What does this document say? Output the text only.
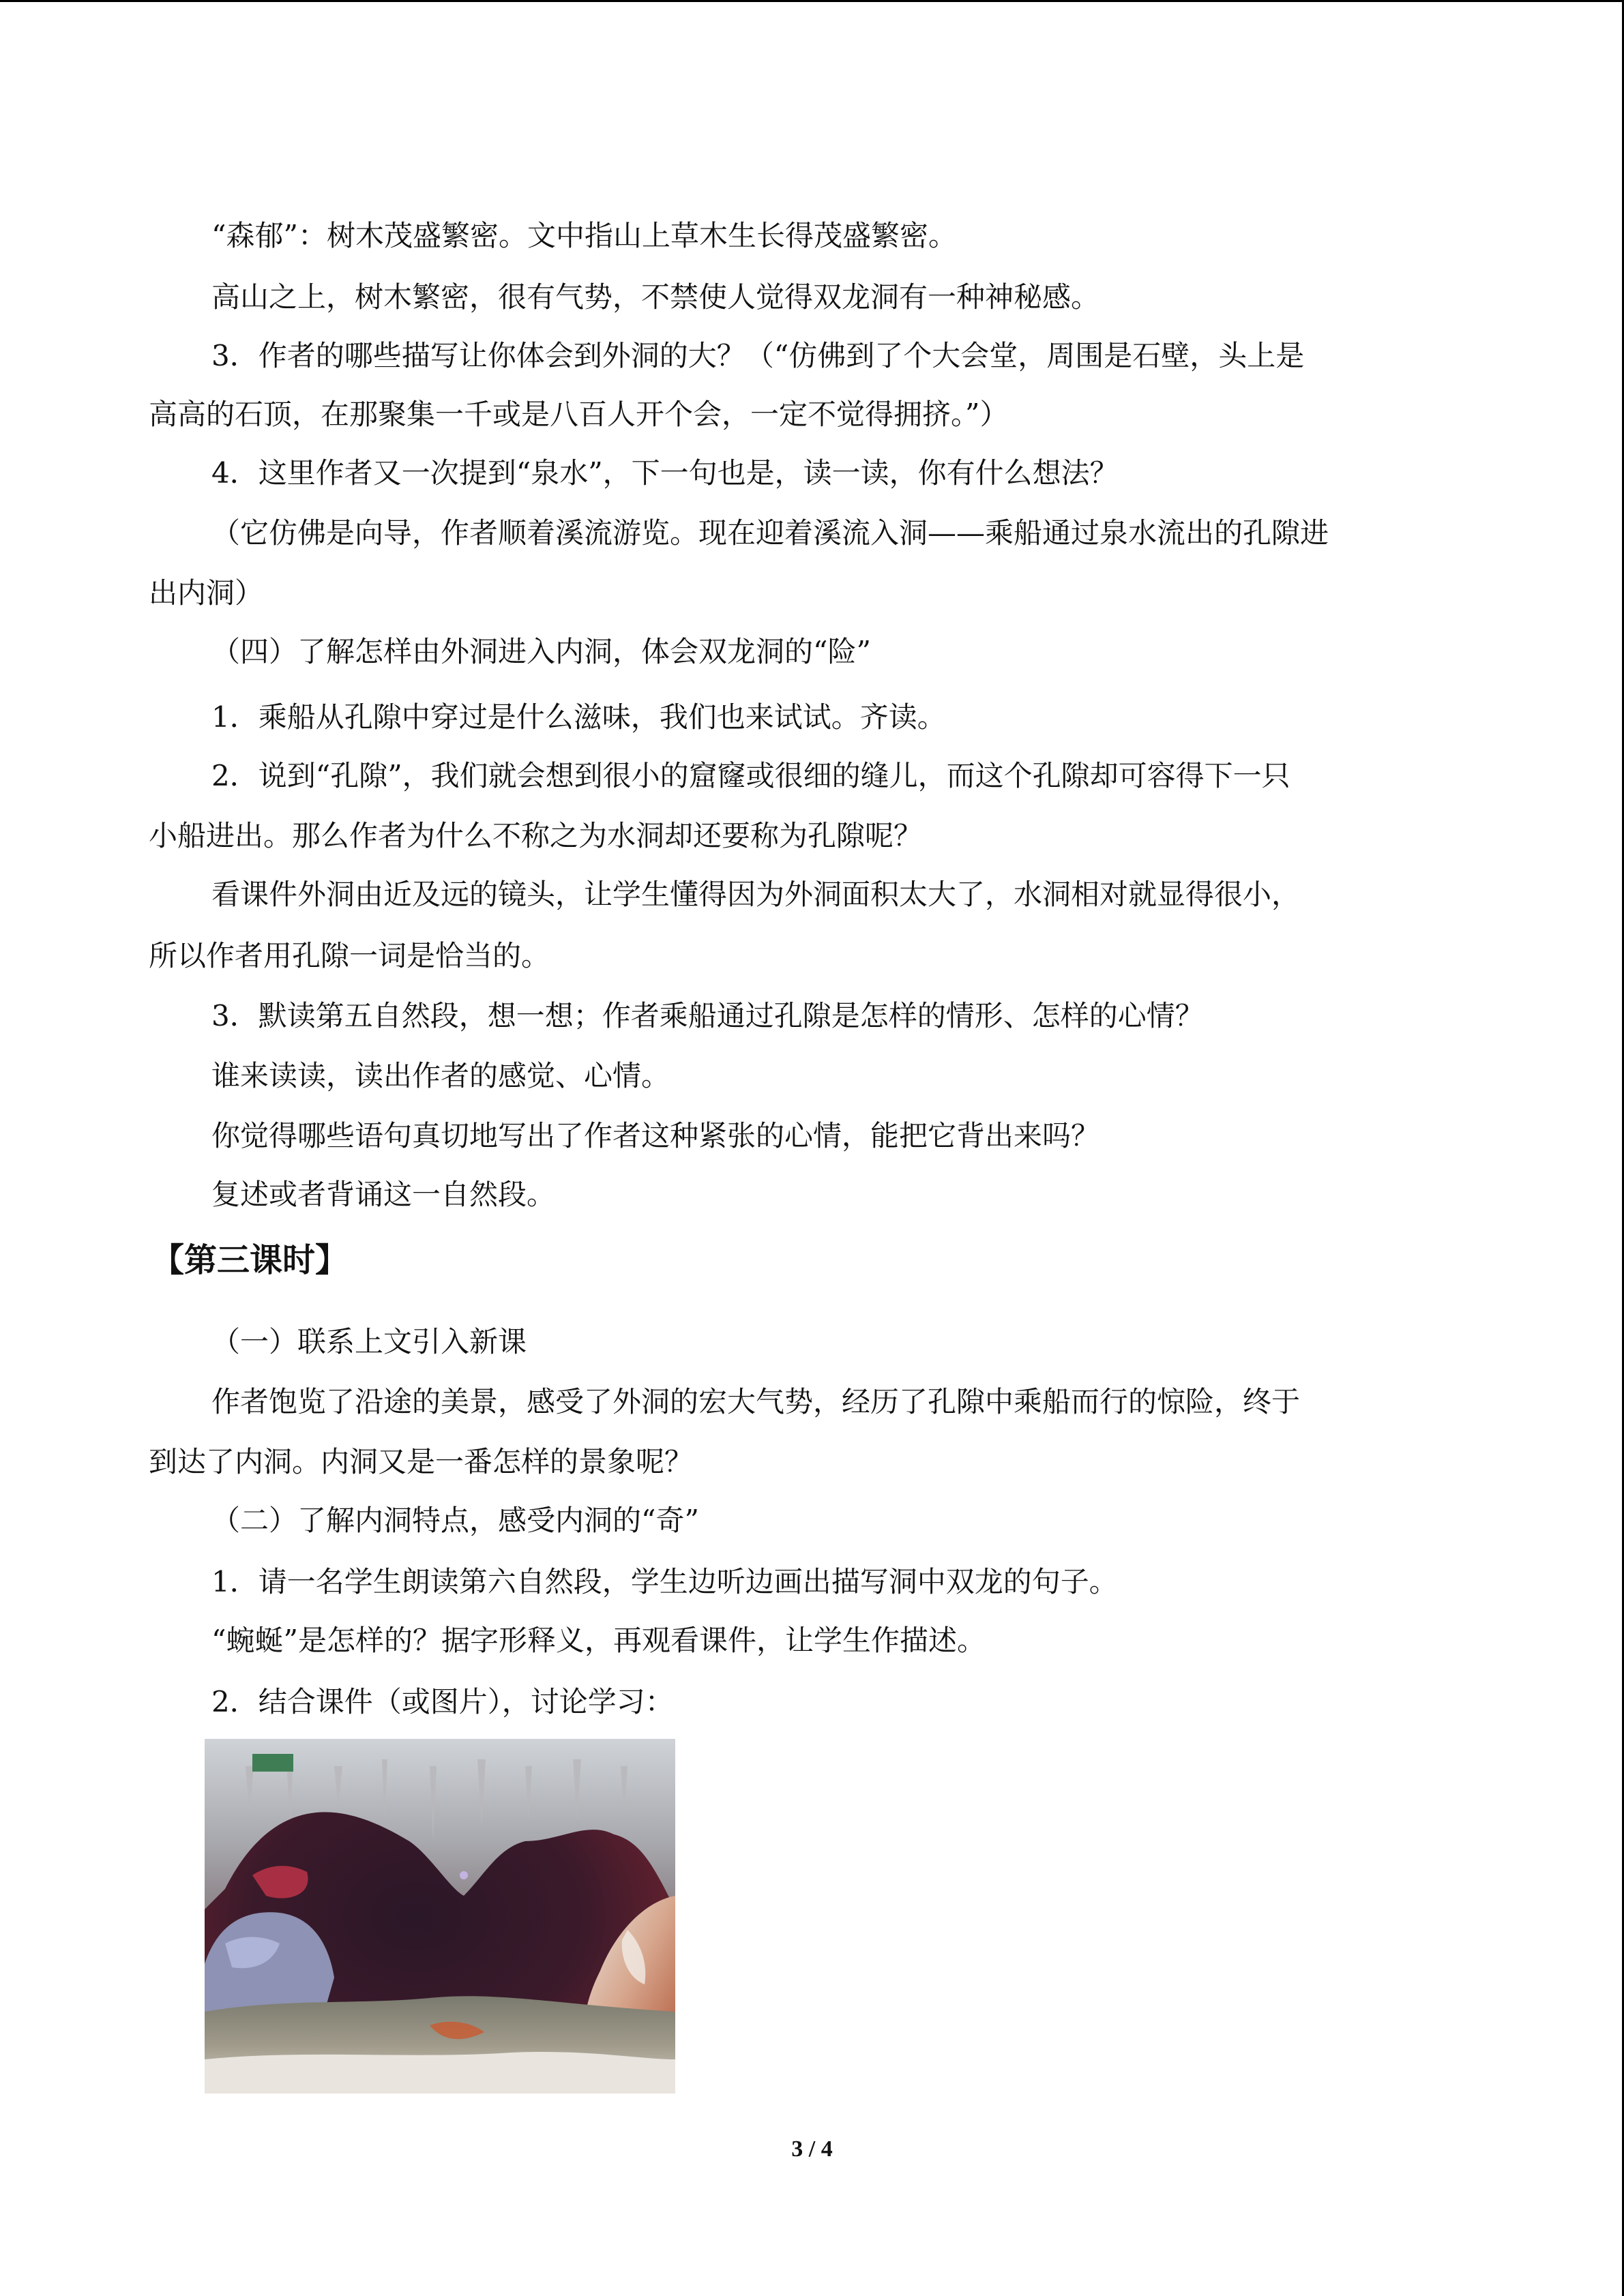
“森郁”：树木茂盛繁密。文中指山上草木生长得茂盛繁密。
高山之上，树木繁密，很有气势，不禁使人觉得双龙洞有一种神秘感。
3．作者的哪些描写让你体会到外洞的大？（“仿佛到了个大会堂，周围是石壁，头上是
高高的石顶，在那聚集一千或是八百人开个会，一定不觉得拥挤。”）
4．这里作者又一次提到“泉水”，下一句也是，读一读，你有什么想法？
（它仿佛是向导，作者顺着溪流游览。现在迎着溪流入洞——乘船通过泉水流出的孔隙进
出内洞）
（四）了解怎样由外洞进入内洞，体会双龙洞的“险”
1．乘船从孔隙中穿过是什么滋味，我们也来试试。齐读。
2．说到“孔隙”，我们就会想到很小的窟窿或很细的缝儿，而这个孔隙却可容得下一只
小船进出。那么作者为什么不称之为水洞却还要称为孔隙呢？
看课件外洞由近及远的镜头，让学生懂得因为外洞面积太大了，水洞相对就显得很小，
所以作者用孔隙一词是恰当的。
3．默读第五自然段，想一想；作者乘船通过孔隙是怎样的情形、怎样的心情？
谁来读读，读出作者的感觉、心情。
你觉得哪些语句真切地写出了作者这种紧张的心情，能把它背出来吗？
复述或者背诵这一自然段。
【第三课时】
（一）联系上文引入新课
作者饱览了沿途的美景，感受了外洞的宏大气势，经历了孔隙中乘船而行的惊险，终于
到达了内洞。内洞又是一番怎样的景象呢？
（二）了解内洞特点，感受内洞的“奇”
1．请一名学生朗读第六自然段，学生边听边画出描写洞中双龙的句子。
“蜿蜒”是怎样的？据字形释义，再观看课件，让学生作描述。
2．结合课件（或图片），讨论学习：
3 / 4
